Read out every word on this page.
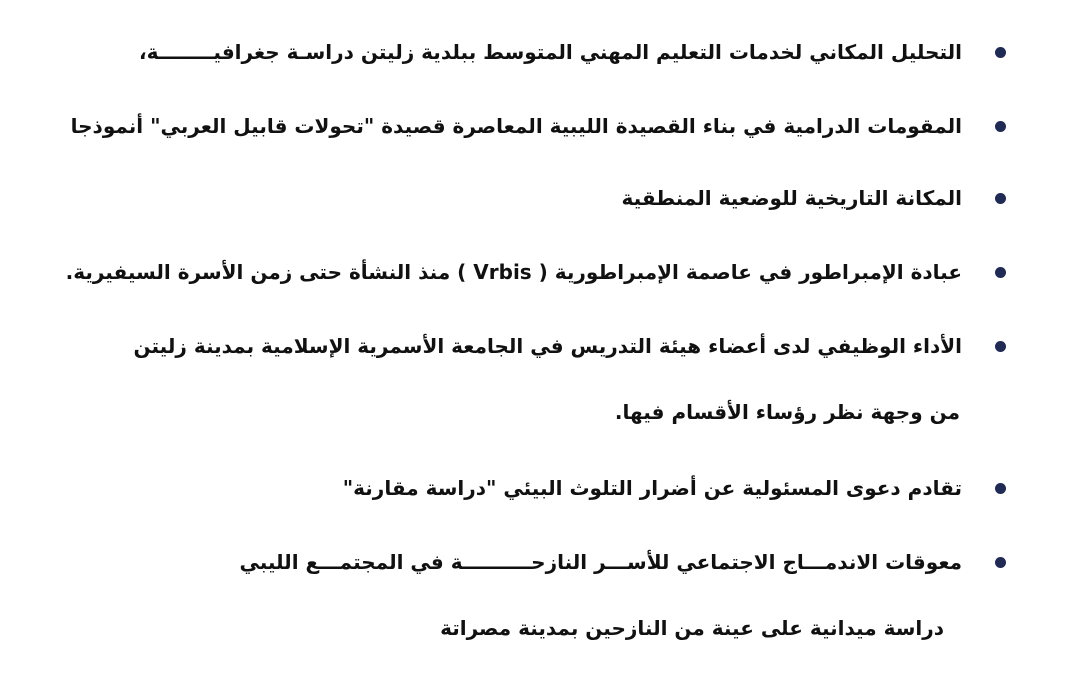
التحليل المكاني لخدمات التعليم المهني المتوسط ببلدية زليتن دراسـة جغرافيــــــــة،
المقومات الدرامية في بناء القصيدة الليبية المعاصرة قصيدة "تحولات قابيل العربي" أنموذجا
المكانة التاريخية للوضعية المنطقية
عبادة الإمبراطور في عاصمة الإمبراطورية ( Vrbis ) منذ النشأة حتى زمن الأسرة السيفيرية.
الأداء الوظيفي لدى أعضاء هيئة التدريس في الجامعة الأسمرية الإسلامية بمدينة زليتن
من وجهة نظر رؤساء الأقسام فيها.
تقادم دعوى المسئولية عن أضرار التلوث البيئي "دراسة مقارنة"
معوقات الاندمـــاج الاجتماعي للأســـر النازحــــــــــة في المجتمـــع الليبي
دراسة ميدانية على عينة من النازحين بمدينة مصراتة
